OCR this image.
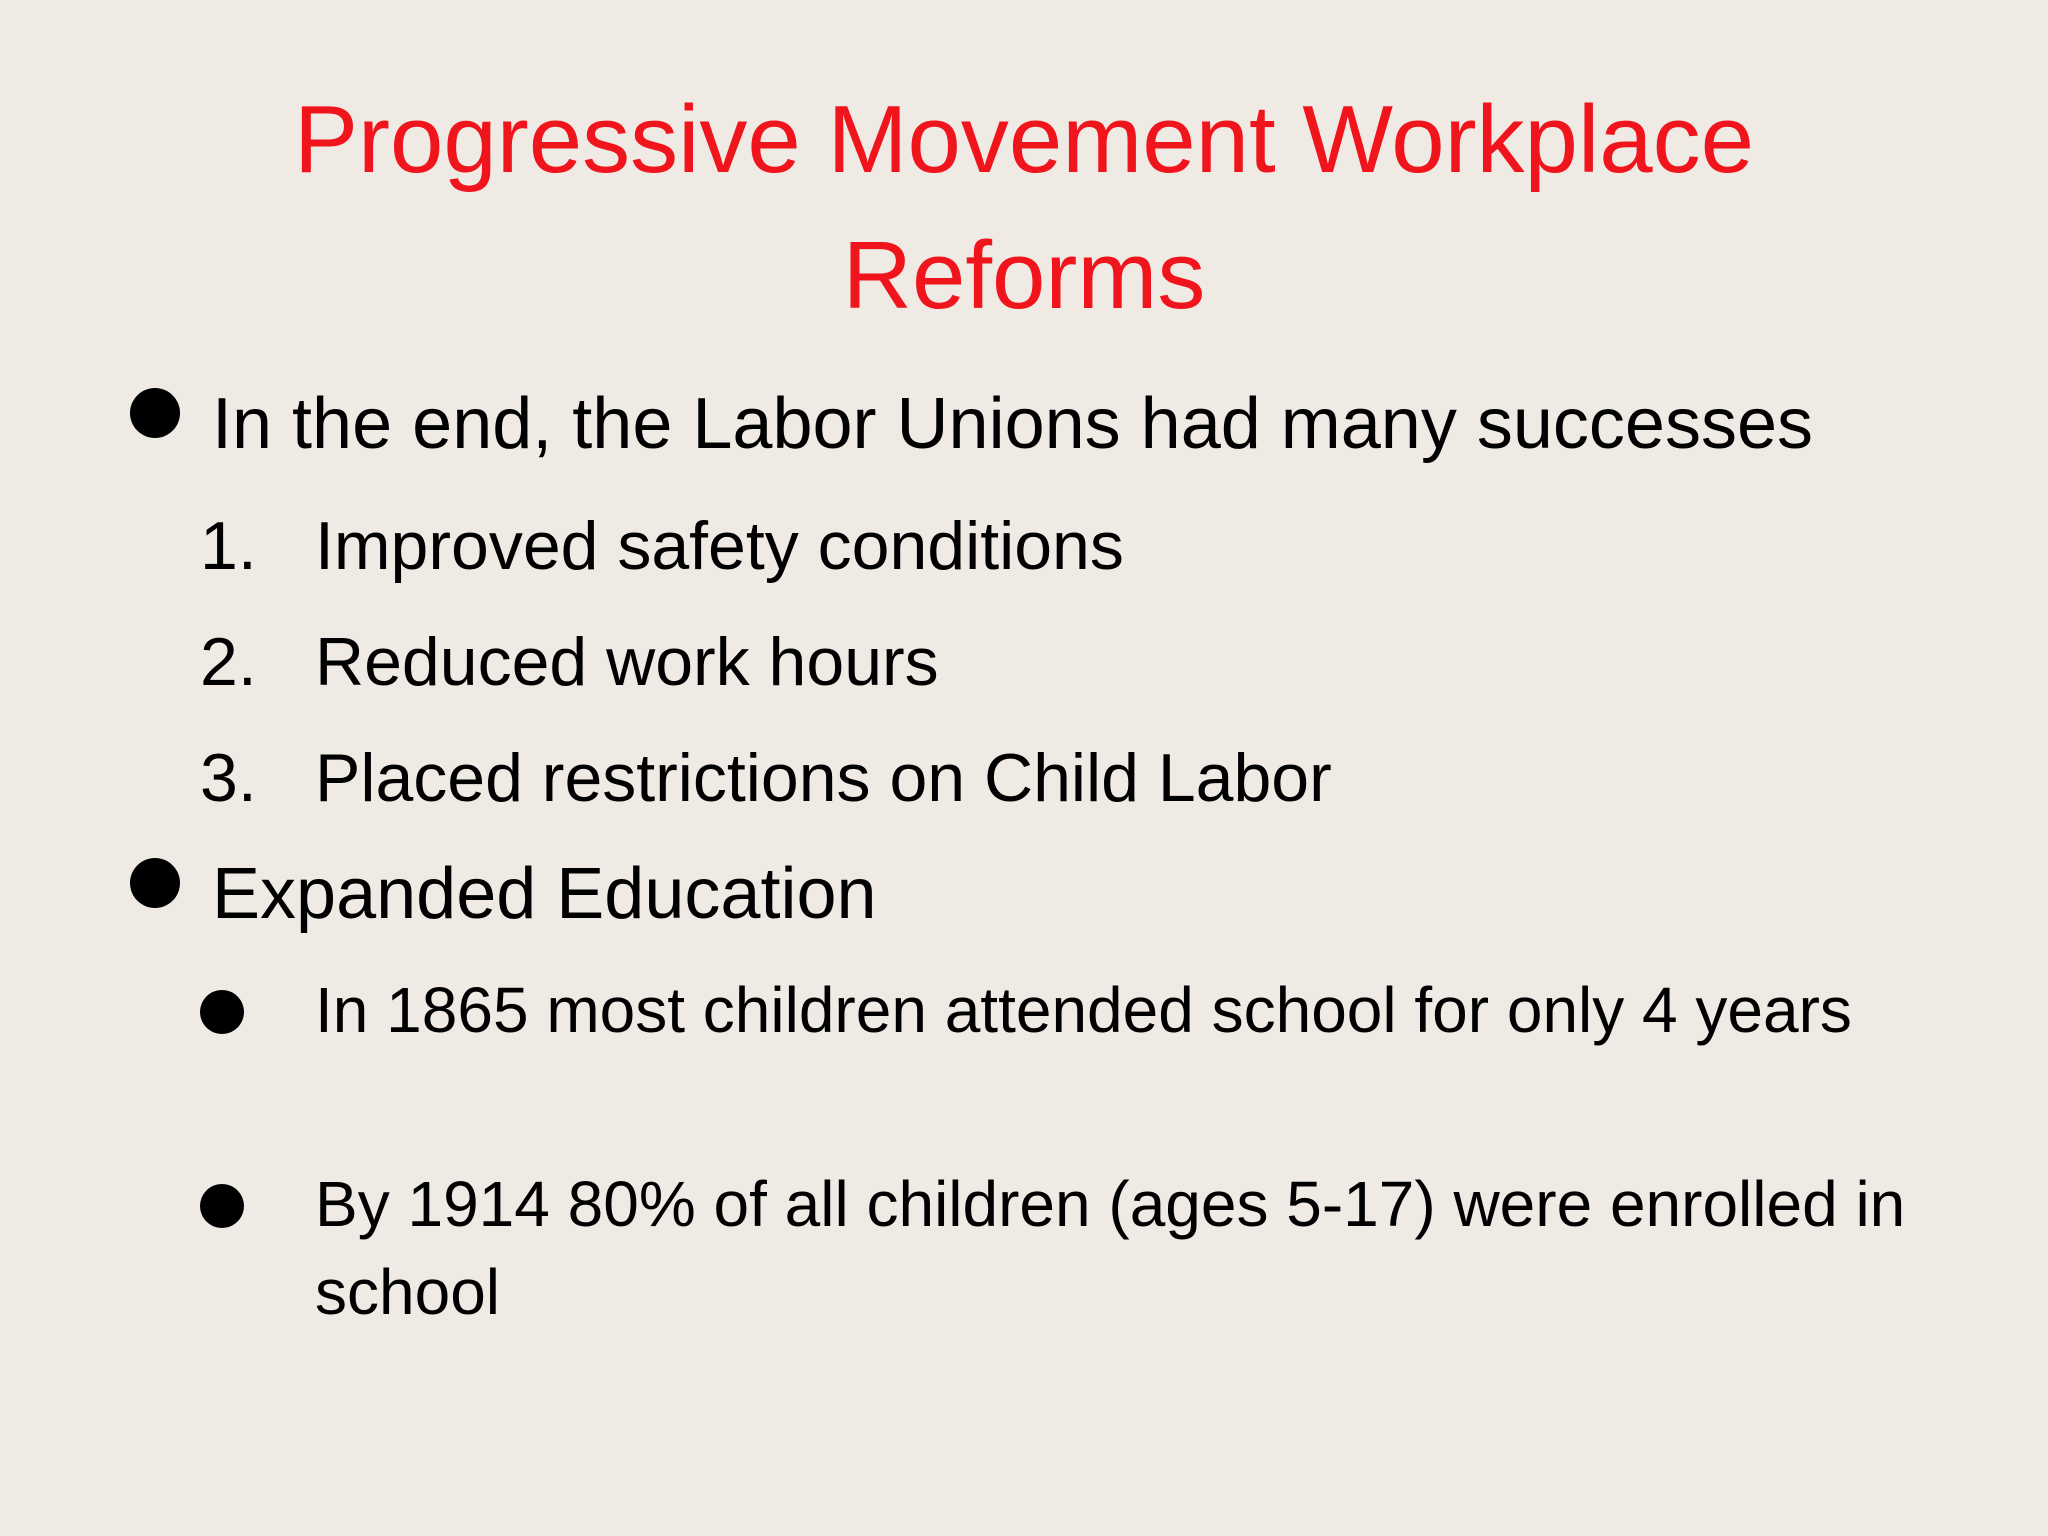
Progressive Movement Workplace Reforms
In the end, the Labor Unions had many successes
1. Improved safety conditions
2. Reduced work hours
3. Placed restrictions on Child Labor
Expanded Education
In 1865 most children attended school for only 4 years
By 1914 80% of all children (ages 5-17) were enrolled in school
